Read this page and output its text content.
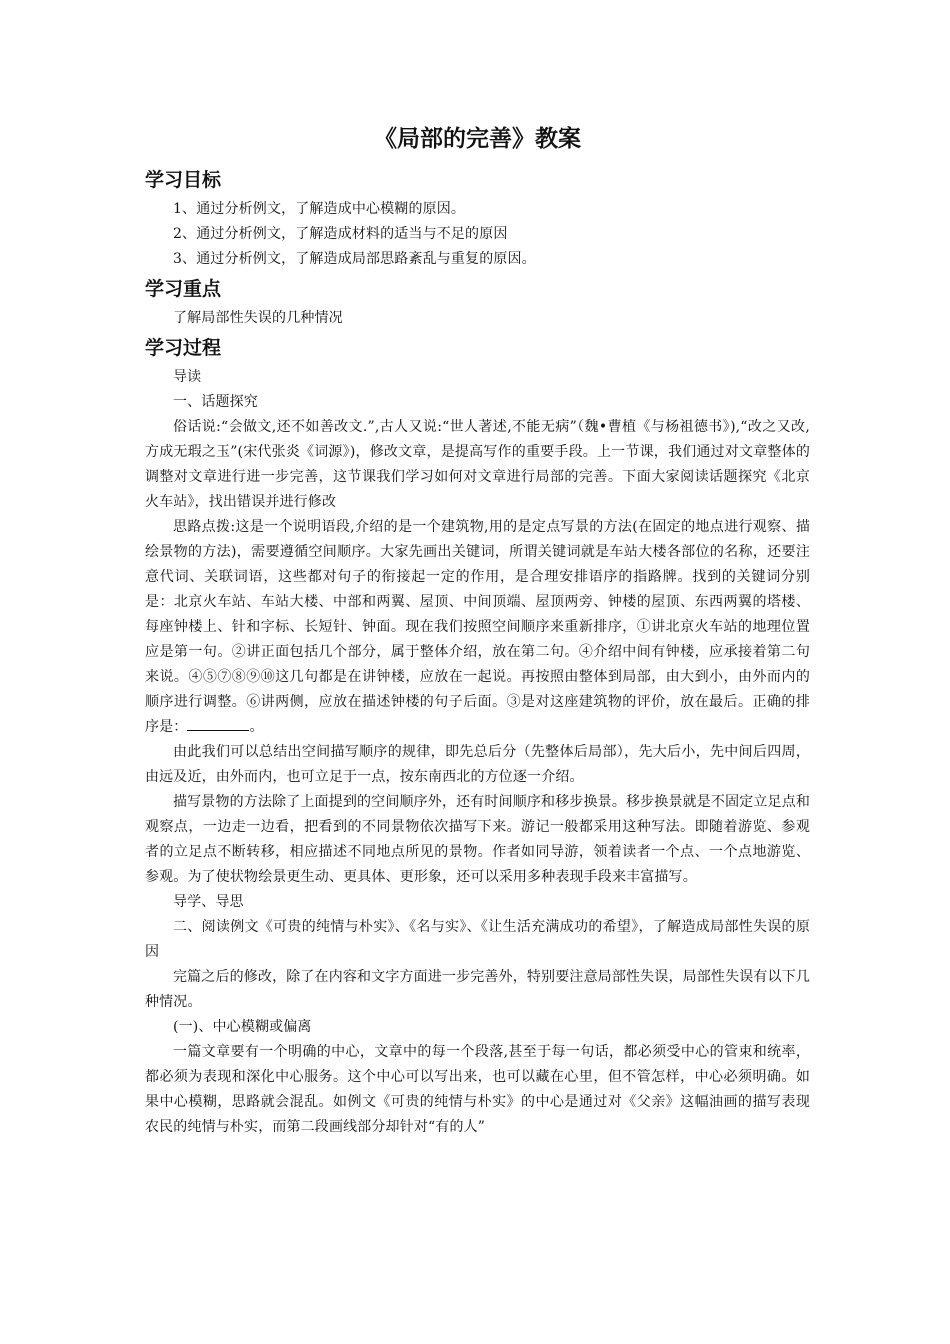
《局部的完善》教案
学习目标

1、通过分析例文，了解造成中心模糊的原因。

2、通过分析例文，了解造成材料的适当与不足的原因

3、通过分析例文，了解造成局部思路紊乱与重复的原因。

学习重点

了解局部性失误的几种情况

学习过程

导读

一、话题探究

俗话说:“会做文,还不如善改文.”,古人又说:“世人著述,不能无病”（魏•曹植《与杨祖德书》),“改之又改,方成无瑕之玉”(宋代张炎《词源》)，修改文章，是提高写作的重要手段。上一节课，我们通过对文章整体的调整对文章进行进一步完善，这节课我们学习如何对文章进行局部的完善。下面大家阅读话题探究《北京火车站》，找出错误并进行修改

思路点拨:这是一个说明语段,介绍的是一个建筑物,用的是定点写景的方法(在固定的地点进行观察、描绘景物的方法)，需要遵循空间顺序。大家先画出关键词，所谓关键词就是车站大楼各部位的名称，还要注意代词、关联词语，这些都对句子的衔接起一定的作用，是合理安排语序的指路牌。找到的关键词分别是：北京火车站、车站大楼、中部和两翼、屋顶、中间顶端、屋顶两旁、钟楼的屋顶、东西两翼的塔楼、每座钟楼上、针和字标、长短针、钟面。现在我们按照空间顺序来重新排序，①讲北京火车站的地理位置应是第一句。②讲正面包括几个部分，属于整体介绍，放在第二句。④介绍中间有钟楼，应承接着第二句来说。④⑤⑦⑧⑨⑩这几句都是在讲钟楼，应放在一起说。再按照由整体到局部，由大到小，由外而内的顺序进行调整。⑥讲两侧，应放在描述钟楼的句子后面。③是对这座建筑物的评价，放在最后。正确的排序是：	。

由此我们可以总结出空间描写顺序的规律，即先总后分（先整体后局部），先大后小，先中间后四周，由远及近，由外而内，也可立足于一点，按东南西北的方位逐一介绍。

描写景物的方法除了上面提到的空间顺序外，还有时间顺序和移步换景。移步换景就是不固定立足点和观察点，一边走一边看，把看到的不同景物依次描写下来。游记一般都采用这种写法。即随着游览、参观者的立足点不断转移，相应描述不同地点所见的景物。作者如同导游，领着读者一个点、一个点地游览、参观。为了使状物绘景更生动、更具体、更形象，还可以采用多种表现手段来丰富描写。

导学、导思

二、阅读例文《可贵的纯情与朴实》、《名与实》、《让生活充满成功的希望》，了解造成局部性失误的原因

完篇之后的修改，除了在内容和文字方面进一步完善外，特别要注意局部性失误，局部性失误有以下几种情况。

(一)、中心模糊或偏离

一篇文章要有一个明确的中心，文章中的每一个段落,甚至于每一句话，都必须受中心的管束和统率，都必须为表现和深化中心服务。这个中心可以写出来，也可以藏在心里，但不管怎样，中心必须明确。如果中心模糊，思路就会混乱。如例文《可贵的纯情与朴实》的中心是通过对《父亲》这幅油画的描写表现农民的纯情与朴实，而第二段画线部分却针对“有的人”
